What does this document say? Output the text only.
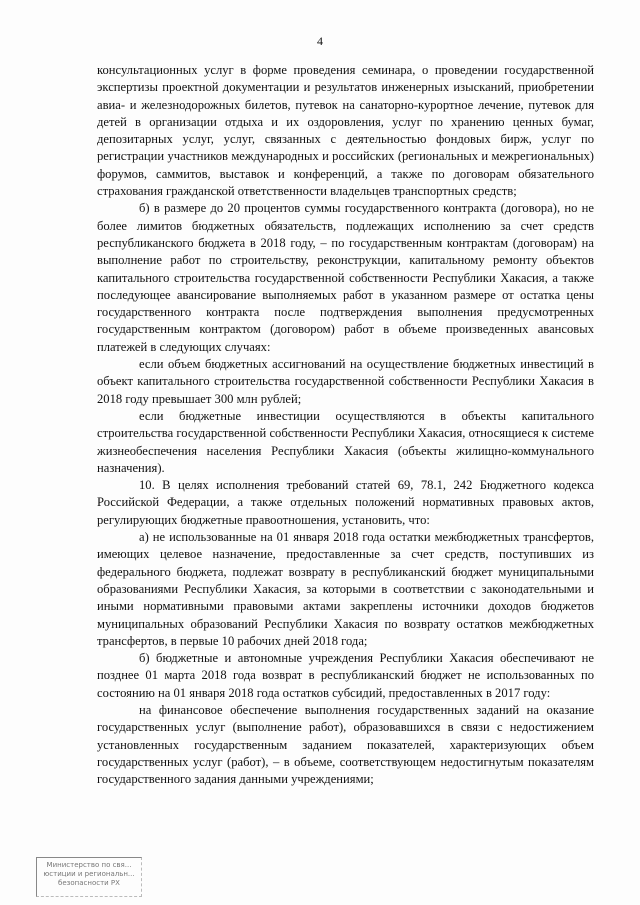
4

консультационных услуг в форме проведения семинара, о проведении государственной экспертизы проектной документации и результатов инженерных изысканий, приобретении авиа- и железнодорожных билетов, путевок на санаторно-курортное лечение, путевок для детей в организации отдыха и их оздоровления, услуг по хранению ценных бумаг, депозитарных услуг, услуг, связанных с деятельностью фондовых бирж, услуг по регистрации участников международных и российских (региональных и межрегиональных) форумов, саммитов, выставок и конференций, а также по договорам обязательного страхования гражданской ответственности владельцев транспортных средств;

б) в размере до 20 процентов суммы государственного контракта (договора), но не более лимитов бюджетных обязательств, подлежащих исполнению за счет средств республиканского бюджета в 2018 году, – по государственным контрактам (договорам) на выполнение работ по строительству, реконструкции, капитальному ремонту объектов капитального строительства государственной собственности Республики Хакасия, а также последующее авансирование выполняемых работ в указанном размере от остатка цены государственного контракта после подтверждения выполнения предусмотренных государственным контрактом (договором) работ в объеме произведенных авансовых платежей в следующих случаях:

если объем бюджетных ассигнований на осуществление бюджетных инвестиций в объект капитального строительства государственной собственности Республики Хакасия в 2018 году превышает 300 млн рублей;

если бюджетные инвестиции осуществляются в объекты капитального строительства государственной собственности Республики Хакасия, относящиеся к системе жизнеобеспечения населения Республики Хакасия (объекты жилищно-коммунального назначения).

10. В целях исполнения требований статей 69, 78.1, 242 Бюджетного кодекса Российской Федерации, а также отдельных положений нормативных правовых актов, регулирующих бюджетные правоотношения, установить, что:

а) не использованные на 01 января 2018 года остатки межбюджетных трансфертов, имеющих целевое назначение, предоставленные за счет средств, поступивших из федерального бюджета, подлежат возврату в республиканский бюджет муниципальными образованиями Республики Хакасия, за которыми в соответствии с законодательными и иными нормативными правовыми актами закреплены источники доходов бюджетов муниципальных образований Республики Хакасия по возврату остатков межбюджетных трансфертов, в первые 10 рабочих дней 2018 года;

б) бюджетные и автономные учреждения Республики Хакасия обеспечивают не позднее 01 марта 2018 года возврат в республиканский бюджет не использованных по состоянию на 01 января 2018 года остатков субсидий, предоставленных в 2017 году:

на финансовое обеспечение выполнения государственных заданий на оказание государственных услуг (выполнение работ), образовавшихся в связи с недостижением установленных государственным заданием показателей, характеризующих объем государственных услуг (работ), – в объеме, соответствующем недостигнутым показателям государственного задания данными учреждениями;

Министерство по свя...
юстиции и региональн...
безопасности РХ
